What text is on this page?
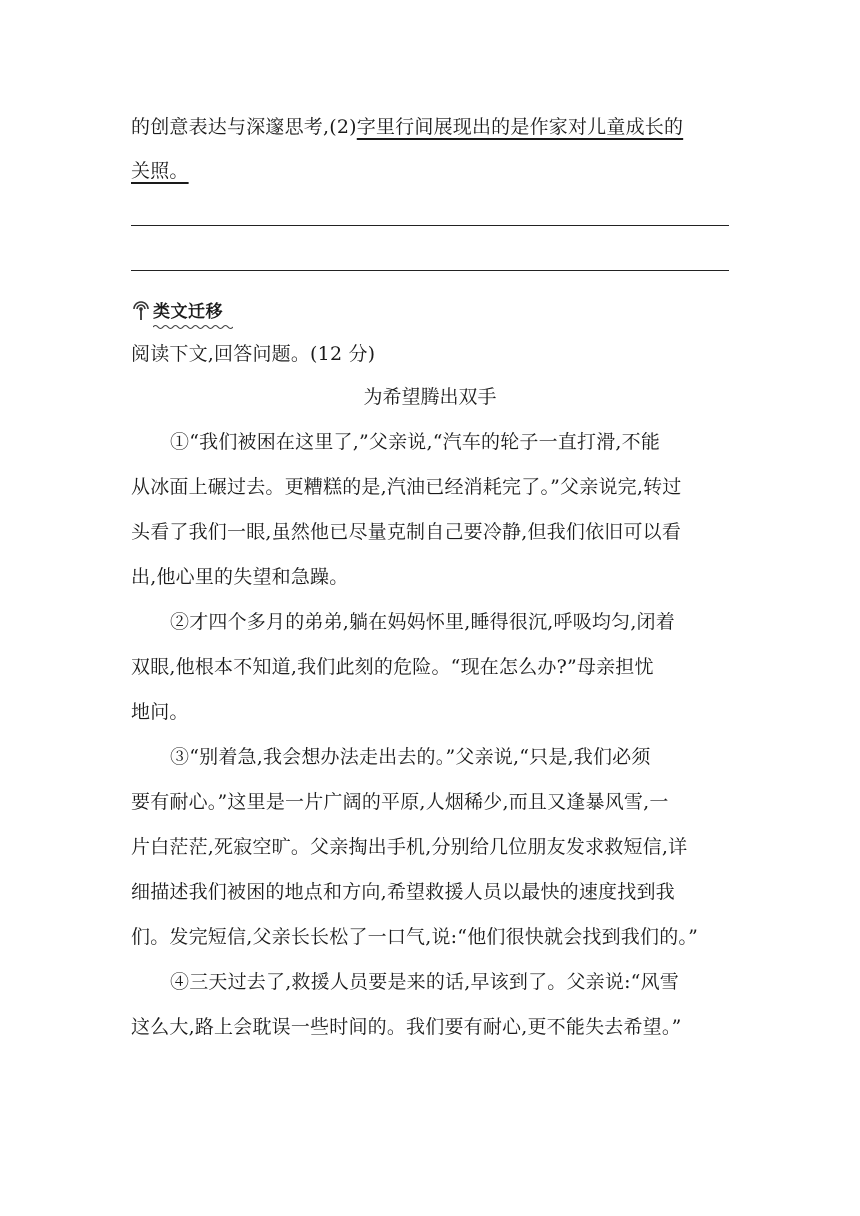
的创意表达与深邃思考,(2)字里行间展现出的是作家对儿童成长的
关照。
类文迁移
阅读下文,回答问题。(12 分)
为希望腾出双手
①“我们被困在这里了,”父亲说,“汽车的轮子一直打滑,不能
从冰面上碾过去。更糟糕的是,汽油已经消耗完了。”父亲说完,转过
头看了我们一眼,虽然他已尽量克制自己要冷静,但我们依旧可以看
出,他心里的失望和急躁。
②才四个多月的弟弟,躺在妈妈怀里,睡得很沉,呼吸均匀,闭着
双眼,他根本不知道,我们此刻的危险。“现在怎么办?”母亲担忧
地问。
③“别着急,我会想办法走出去的。”父亲说,“只是,我们必须
要有耐心。”这里是一片广阔的平原,人烟稀少,而且又逢暴风雪,一
片白茫茫,死寂空旷。父亲掏出手机,分别给几位朋友发求救短信,详
细描述我们被困的地点和方向,希望救援人员以最快的速度找到我
们。发完短信,父亲长长松了一口气,说:“他们很快就会找到我们的。”
④三天过去了,救援人员要是来的话,早该到了。父亲说:“风雪
这么大,路上会耽误一些时间的。我们要有耐心,更不能失去希望。”
